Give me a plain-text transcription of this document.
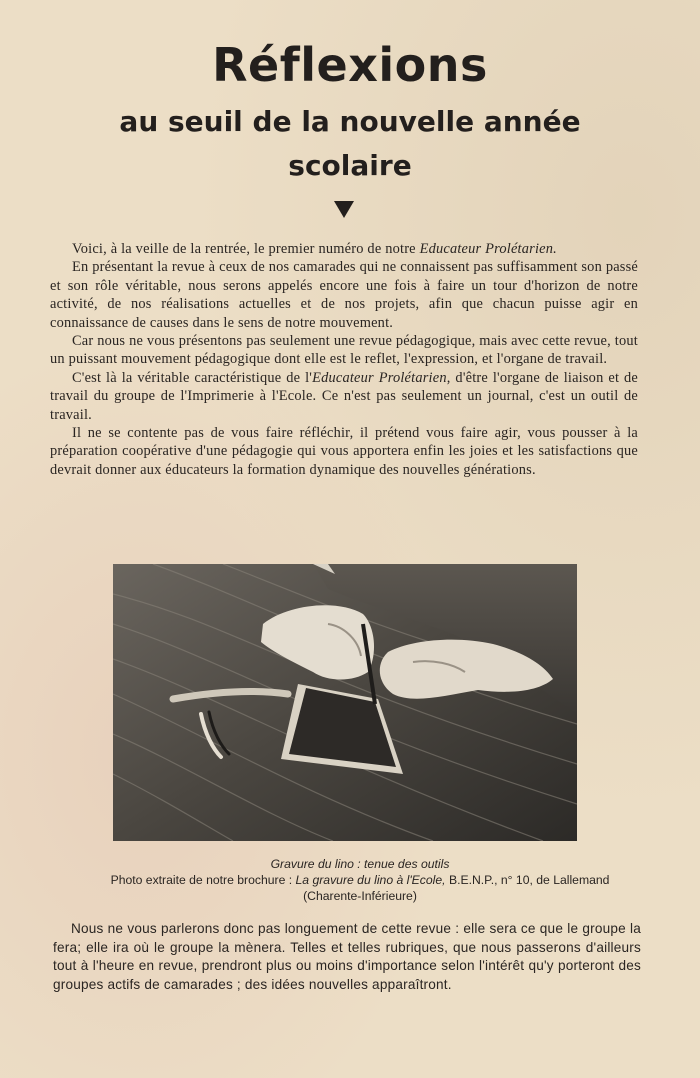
Réflexions
au seuil de la nouvelle année scolaire

Voici, à la veille de la rentrée, le premier numéro de notre Educateur Prolétarien.

En présentant la revue à ceux de nos camarades qui ne connaissent pas suffisamment son passé et son rôle véritable, nous serons appelés encore une fois à faire un tour d'horizon de notre activité, de nos réalisations actuelles et de nos projets, afin que chacun puisse agir en connaissance de causes dans le sens de notre mouvement.

Car nous ne vous présentons pas seulement une revue pédagogique, mais avec cette revue, tout un puissant mouvement pédagogique dont elle est le reflet, l'expression, et l'organe de travail.

C'est là la véritable caractéristique de l'Educateur Prolétarien, d'être l'organe de liaison et de travail du groupe de l'Imprimerie à l'Ecole. Ce n'est pas seulement un journal, c'est un outil de travail.

Il ne se contente pas de vous faire réfléchir, il prétend vous faire agir, vous pousser à la préparation coopérative d'une pédagogie qui vous apportera enfin les joies et les satisfactions que devrait donner aux éducateurs la formation dynamique des nouvelles générations.

Gravure du lino : tenue des outils
Photo extraite de notre brochure : La gravure du lino à l'Ecole, B.E.N.P., n° 10, de Lallemand
(Charente-Inférieure)

Nous ne vous parlerons donc pas longuement de cette revue : elle sera ce que le groupe la fera; elle ira où le groupe la mènera. Telles et telles rubriques, que nous passerons d'ailleurs tout à l'heure en revue, prendront plus ou moins d'importance selon l'intérêt qu'y porteront des groupes actifs de camarades ; des idées nouvelles apparaîtront.
